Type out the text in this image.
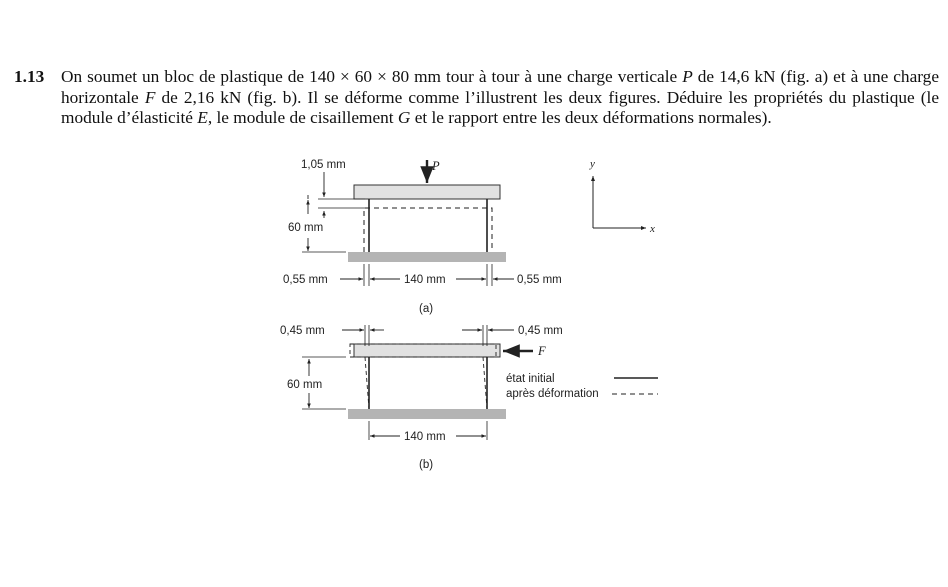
1.13 On soumet un bloc de plastique de 140 × 60 × 80 mm tour à tour à une charge verticale P de 14,6 kN (fig. a) et à une charge horizontale F de 2,16 kN (fig. b). Il se déforme comme l’illustrent les deux figures. Déduire les propriétés du plastique (le module d’élasticité E, le module de cisaillement G et le rapport entre les deux déformations normales).
P
1,05 mm
60 mm
0,55 mm	140 mm	0,55 mm
(a)
y
x
0,45 mm	0,45 mm
F
60 mm
140 mm
(b)
état initial
après déformation
